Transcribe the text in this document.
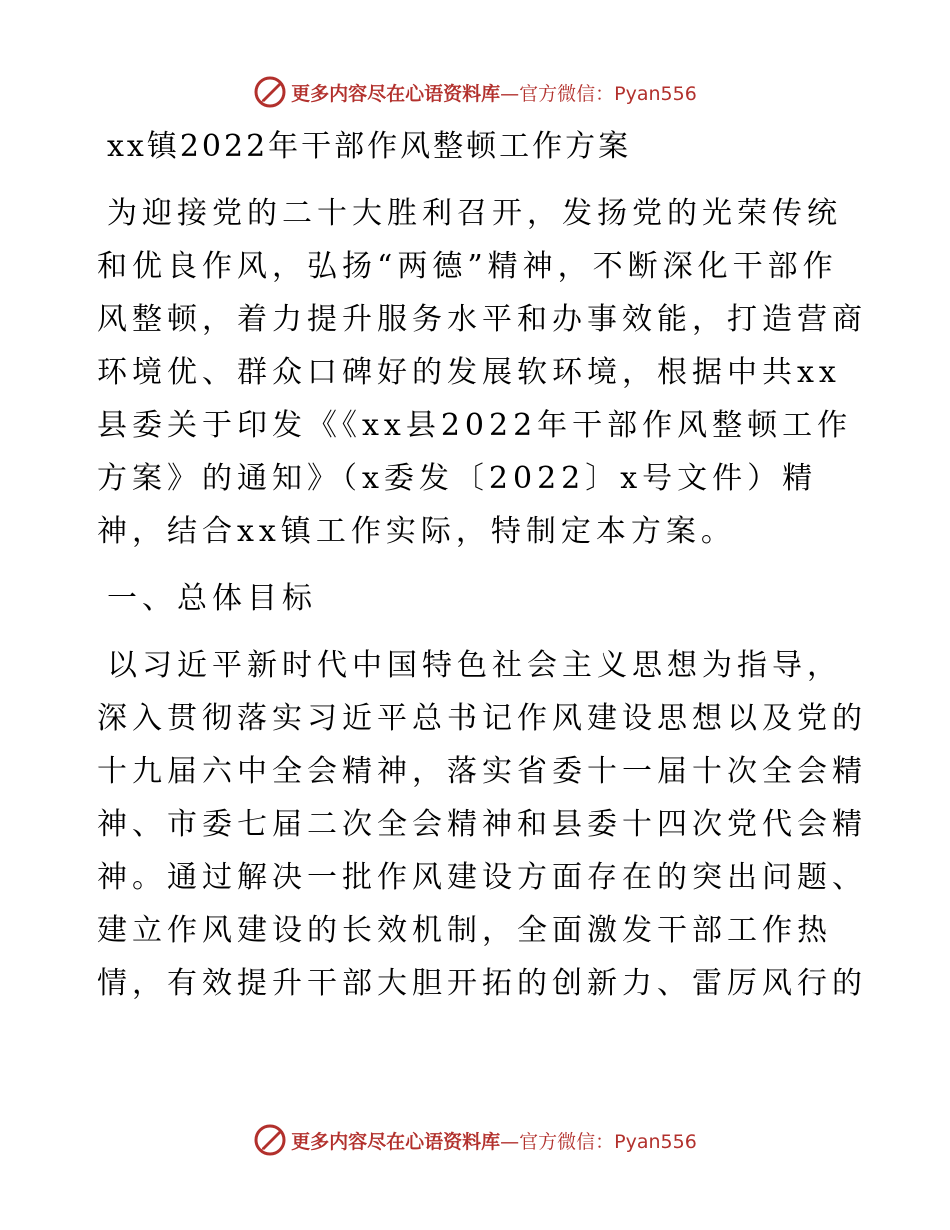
更多内容尽在心语资料库 —官方微信：Pyan556
xx镇2022年干部作风整顿工作方案
为迎接党的二十大胜利召开，发扬党的光荣传统
和优良作风，弘扬“两德”精神，不断深化干部作
风整顿，着力提升服务水平和办事效能，打造营商
环境优、群众口碑好的发展软环境，根据中共xx
县委关于印发《《xx县2022年干部作风整顿工作
方案》的通知》（x委发〔2022〕x号文件）精
神，结合xx镇工作实际，特制定本方案。
一、总体目标
以习近平新时代中国特色社会主义思想为指导，
深入贯彻落实习近平总书记作风建设思想以及党的
十九届六中全会精神，落实省委十一届十次全会精
神、市委七届二次全会精神和县委十四次党代会精
神。通过解决一批作风建设方面存在的突出问题、
建立作风建设的长效机制，全面激发干部工作热
情，有效提升干部大胆开拓的创新力、雷厉风行的
更多内容尽在心语资料库 —官方微信：Pyan556
